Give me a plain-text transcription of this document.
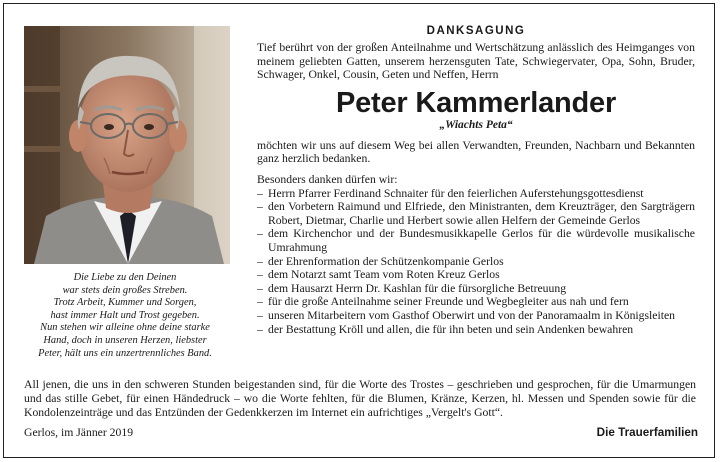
Die Liebe zu den Deinen
war stets dein großes Streben.
Trotz Arbeit, Kummer und Sorgen,
hast immer Halt und Trost gegeben.
Nun stehen wir alleine ohne deine starke
Hand, doch in unseren Herzen, liebster
Peter, hält uns ein unzertrennliches Band.
DANKSAGUNG
Tief berührt von der großen Anteilnahme und Wertschätzung anlässlich des Heimganges von meinem geliebten Gatten, unserem herzensguten Tate, Schwiegervater, Opa, Sohn, Bruder, Schwager, Onkel, Cousin, Geten und Neffen, Herrn
Peter Kammerlander
„Wiachts Peta“
möchten wir uns auf diesem Weg bei allen Verwandten, Freunden, Nachbarn und Bekannten ganz herzlich bedanken.
Besonders danken dürfen wir:
– Herrn Pfarrer Ferdinand Schnaiter für den feierlichen Auferstehungsgottesdienst
– den Vorbetern Raimund und Elfriede, den Ministranten, dem Kreuzträger, den Sargträgern Robert, Dietmar, Charlie und Herbert sowie allen Helfern der Gemeinde Gerlos
– dem Kirchenchor und der Bundesmusikkapelle Gerlos für die würdevolle musikalische Umrahmung
– der Ehrenformation der Schützenkompanie Gerlos
– dem Notarzt samt Team vom Roten Kreuz Gerlos
– dem Hausarzt Herrn Dr. Kashlan für die fürsorgliche Betreuung
– für die große Anteilnahme seiner Freunde und Wegbegleiter aus nah und fern
– unseren Mitarbeitern vom Gasthof Oberwirt und von der Panoramaalm in Königsleiten
– der Bestattung Kröll und allen, die für ihn beten und sein Andenken bewahren
All jenen, die uns in den schweren Stunden beigestanden sind, für die Worte des Trostes – geschrieben und gesprochen, für die Umarmungen und das stille Gebet, für einen Händedruck – wo die Worte fehlten, für die Blumen, Kränze, Kerzen, hl. Messen und Spenden sowie für die Kondolenzeinträge und das Entzünden der Gedenkkerzen im Internet ein aufrichtiges „Vergelt's Gott“.
Gerlos, im Jänner 2019	Die Trauerfamilien
